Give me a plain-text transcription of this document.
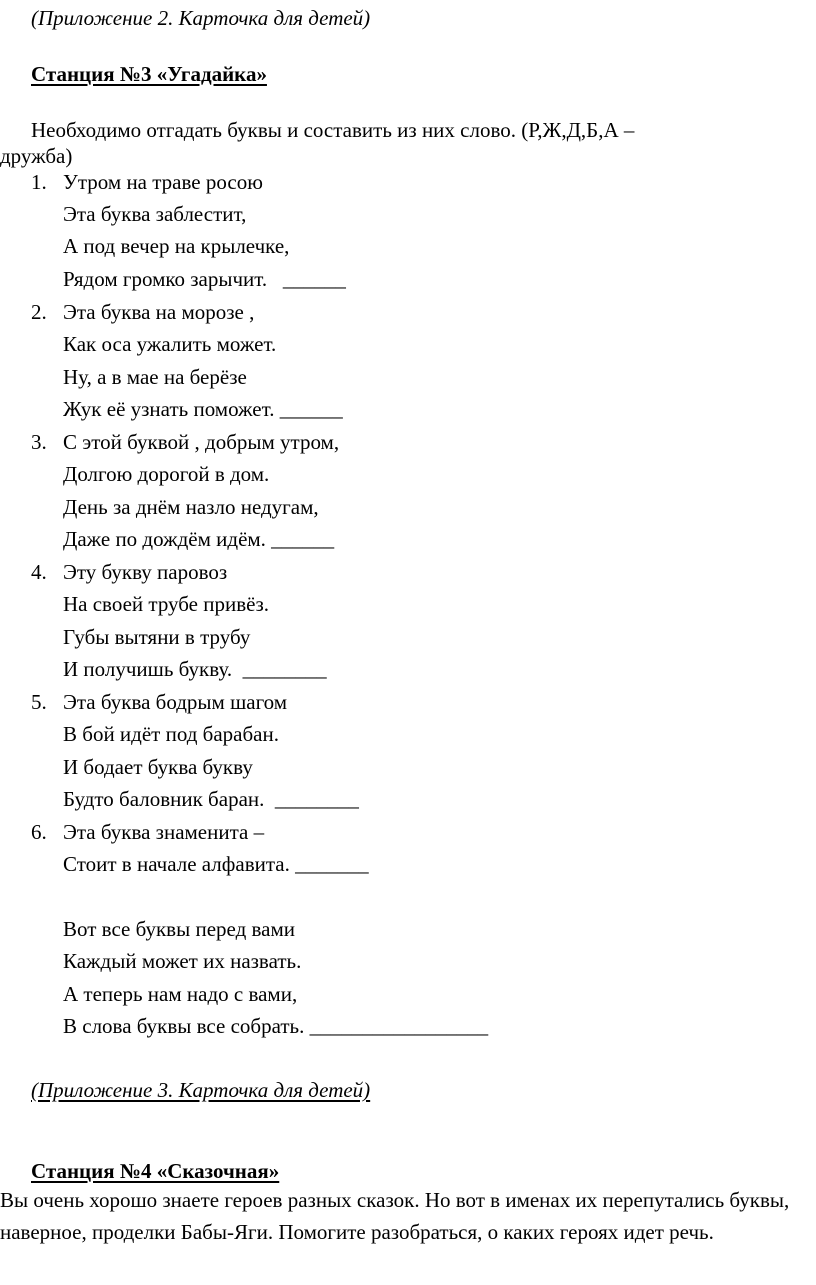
(Приложение 2. Карточка для детей)
Станция №3 «Угадайка»
Необходимо отгадать буквы и составить из них слово. (Р,Ж,Д,Б,А –
дружба)
1. Утром на траве росою
Эта буква заблестит,
А под вечер на крылечке,
Рядом громко зарычит.   ______
2. Эта буква на морозе ,
Как оса ужалить может.
Ну, а в мае на берёзе
Жук её узнать поможет. ______
3. С этой буквой , добрым утром,
Долгою дорогой в дом.
День за днём назло недугам,
Даже по дождём идём. ______
4. Эту букву паровоз
На своей трубе привёз.
Губы вытяни в трубу
И получишь букву.  ________
5. Эта буква бодрым шагом
В бой идёт под барабан.
И бодает буква букву
Будто баловник баран.  ________
6. Эта буква знаменита –
Стоит в начале алфавита. _______
Вот все буквы перед вами
Каждый может их назвать.
А теперь нам надо с вами,
В слова буквы все собрать. _________________
(Приложение 3. Карточка для детей)
Станция №4 «Сказочная»
Вы очень хорошо знаете героев разных сказок. Но вот в именах их перепутались буквы, наверное, проделки Бабы-Яги. Помогите разобраться, о каких героях идет речь.
